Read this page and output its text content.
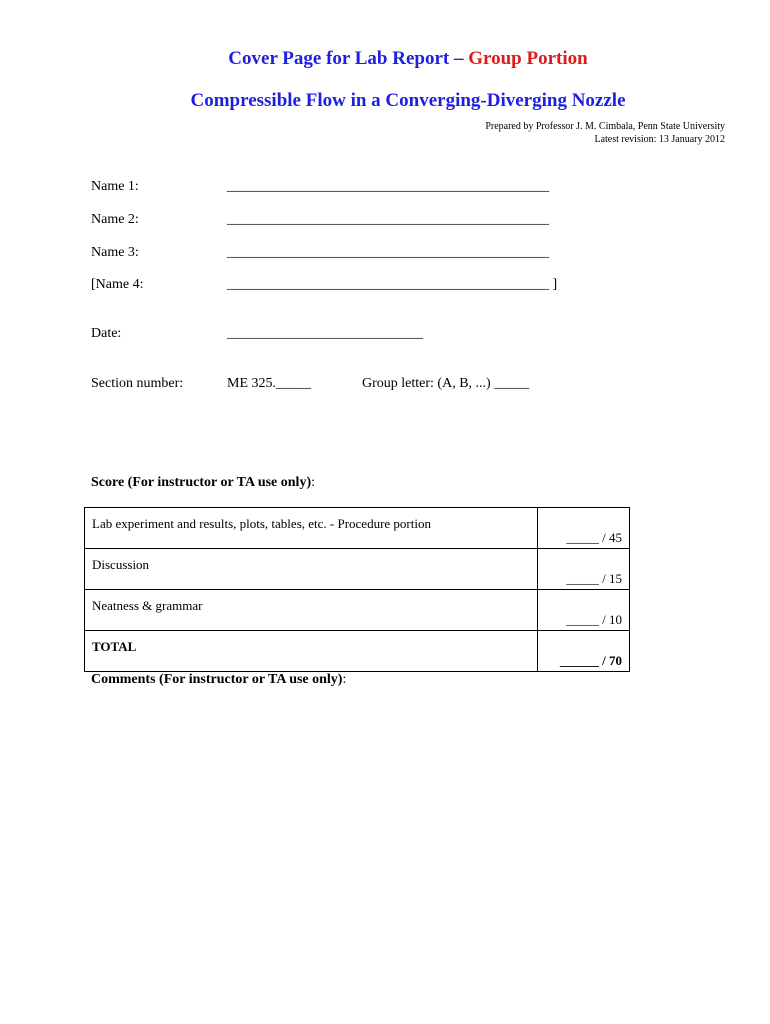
Cover Page for Lab Report – Group Portion
Compressible Flow in a Converging-Diverging Nozzle
Prepared by Professor J. M. Cimbala, Penn State University
Latest revision: 13 January 2012
Name 1:	______________________________________________
Name 2:	______________________________________________
Name 3:	______________________________________________
[Name 4:	______________________________________________ ]
Date:	____________________________
Section number:	ME 325._____	Group letter: (A, B, ...) _____
Score (For instructor or TA use only):
Lab experiment and results, plots, tables, etc. - Procedure portion	_____ / 45
Discussion	_____ / 15
Neatness & grammar	_____ / 10
TOTAL	______ / 70
Comments (For instructor or TA use only):
